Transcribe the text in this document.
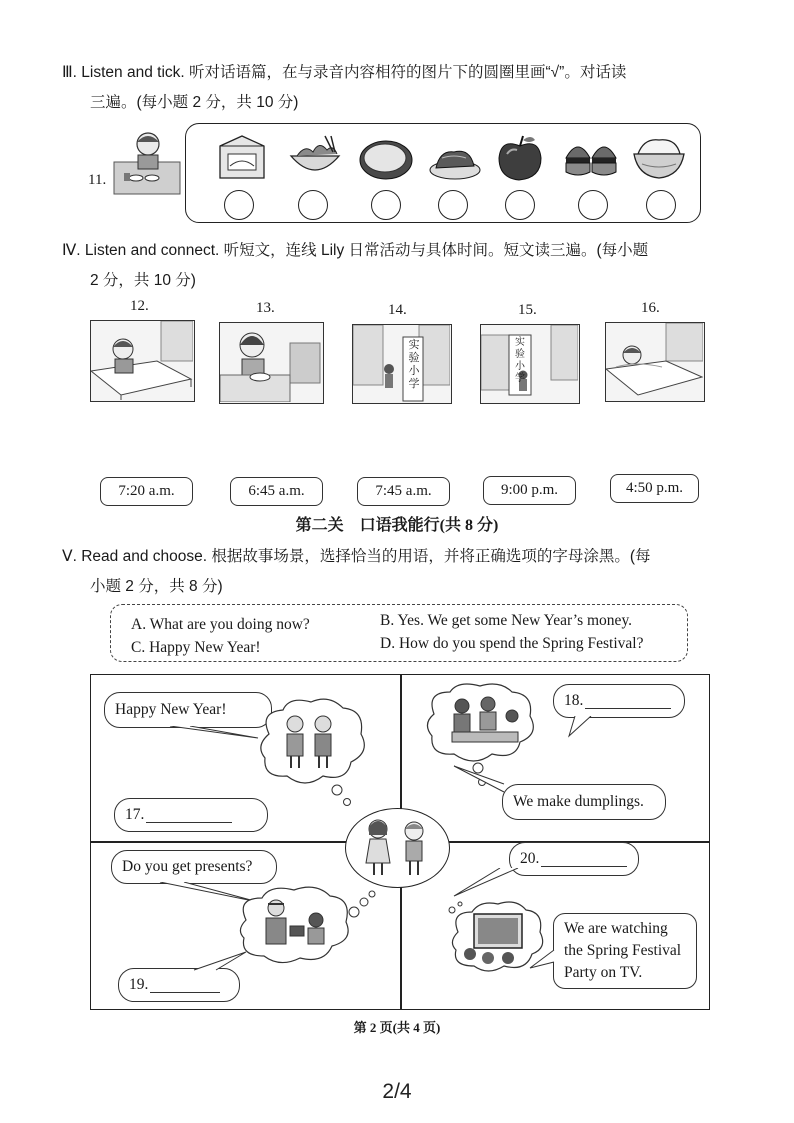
Ⅲ. Listen and tick. 听对话语篇，在与录音内容相符的图片下的圆圈里画“√”。对话读
三遍。(每小题 2 分，共 10 分)
11.
Ⅳ. Listen and connect. 听短文，连线 Lily 日常活动与具体时间。短文读三遍。(每小题
2 分，共 10 分)
12.	13.	14.	15.	16.
实
验
小
学
实
验
小
学
7:20 a.m.	6:45 a.m.	7:45 a.m.	9:00 p.m.	4:50 p.m.
第二关　口语我能行(共 8 分)
Ⅴ. Read and choose. 根据故事场景，选择恰当的用语，并将正确选项的字母涂黑。(每
小题 2 分，共 8 分)
A. What are you doing now?	B. Yes. We get some New Year’s money.
C. Happy New Year!	D. How do you spend the Spring Festival?
Happy New Year!
17.
18.
We make dumplings.
Do you get presents?
19.
20.
We are watching
the Spring Festival
Party on TV.
第 2 页(共 4 页)
2/4
